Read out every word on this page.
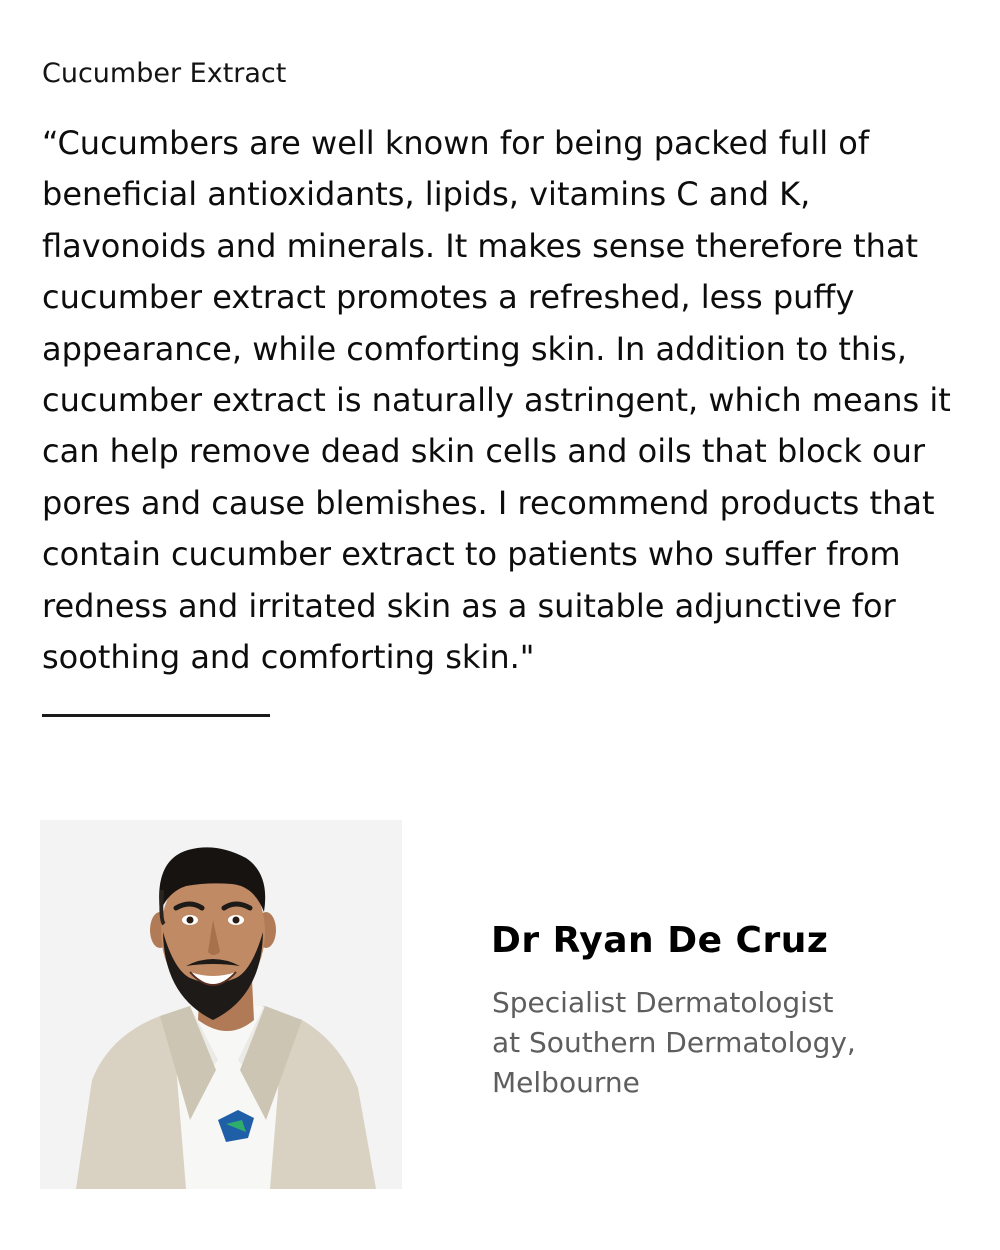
Cucumber Extract

“Cucumbers are well known for being packed full of
beneficial antioxidants, lipids, vitamins C and K,
flavonoids and minerals. It makes sense therefore that
cucumber extract promotes a refreshed, less puffy
appearance, while comforting skin. In addition to this,
cucumber extract is naturally astringent, which means it
can help remove dead skin cells and oils that block our
pores and cause blemishes. I recommend products that
contain cucumber extract to patients who suffer from
redness and irritated skin as a suitable adjunctive for
soothing and comforting skin."

Dr Ryan De Cruz

Specialist Dermatologist
at Southern Dermatology,
Melbourne
